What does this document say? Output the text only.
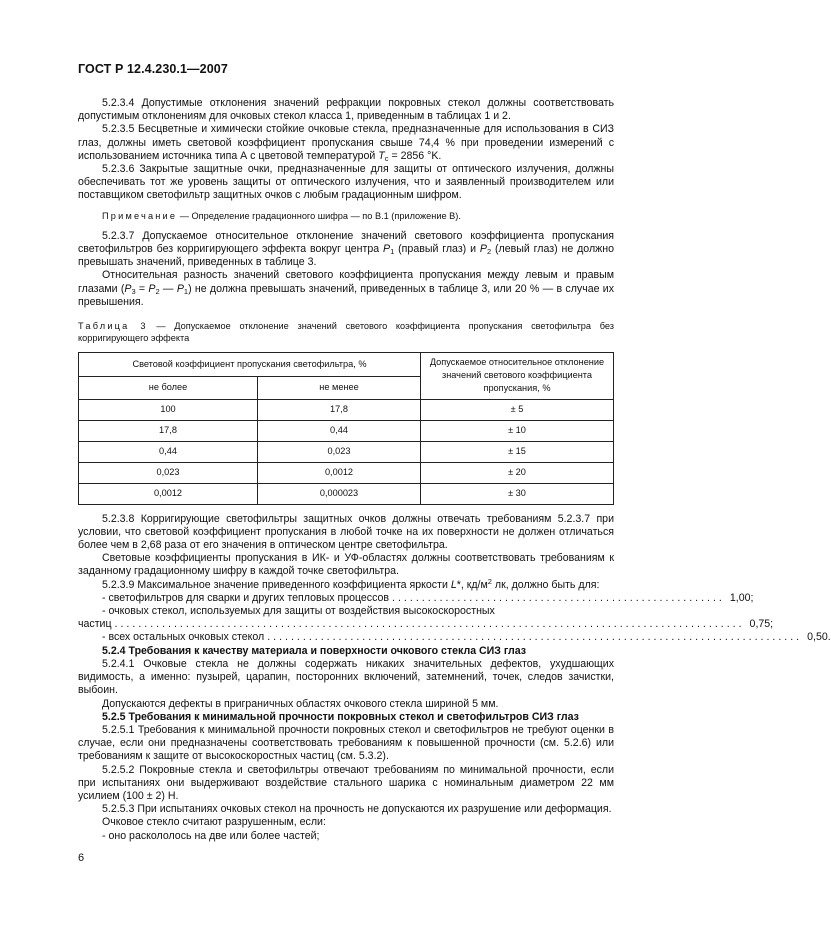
ГОСТ Р 12.4.230.1—2007

5.2.3.4 Допустимые отклонения значений рефракции покровных стекол должны соответствовать допустимым отклонениям для очковых стекол класса 1, приведенным в таблицах 1 и 2.

5.2.3.5 Бесцветные и химически стойкие очковые стекла, предназначенные для использования в СИЗ глаз, должны иметь световой коэффициент пропускания свыше 74,4 % при проведении измерений с использованием источника типа А с цветовой температурой $T_c = 2856$ °K.

5.2.3.6 Закрытые защитные очки, предназначенные для защиты от оптического излучения, должны обеспечивать тот же уровень защиты от оптического излучения, что и заявленный производителем или поставщиком светофильтр защитных очков с любым градационным шифром.

Примечание — Определение градационного шифра — по В.1 (приложение В).

5.2.3.7 Допускаемое относительное отклонение значений светового коэффициента пропускания светофильтров без корригирующего эффекта вокруг центра $P_1$ (правый глаз) и $P_2$ (левый глаз) не должно превышать значений, приведенных в таблице 3.

Относительная разность значений светового коэффициента пропускания между левым и правым глазами ($P_3 = P_2$ — $P_1$) не должна превышать значений, приведенных в таблице 3, или 20 % — в случае их превышения.

Таблица 3 — Допускаемое отклонение значений светового коэффициента пропускания светофильтра без корригирующего эффекта
Световой коэффициент пропускания светофильтра, %		Допускаемое относительное отклонение значений светового коэффициента
пропускания, %
не более	не менее	
100	17,8	± 5
17,8	0,44	± 10
0,44	0,023	± 15
0,023	0,0012	± 20
0,0012	0,000023	± 30

5.2.3.8 Корригирующие светофильтры защитных очков должны отвечать требованиям 5.2.3.7 при условии, что световой коэффициент пропускания в любой точке на их поверхности не должен отличаться более чем в 2,68 раза от его значения в оптическом центре светофильтра.

Световые коэффициенты пропускания в ИК- и УФ-областях должны соответствовать требованиям к заданному градационному шифру в каждой точке светофильтра.

5.2.3.9 Максимальное значение приведенного коэффициента яркости L*, $кд/м^2$ лк, должно быть для:

- светофильтров для сварки и других тепловых процессов ........................................................ 1,00;
- очковых стекол, используемых для защиты от воздействия высокоскоростных
частиц .......................................................................................................... 0,75;
- всех остальных очковых стекол .......................................................................................... 0,50.

5.2.4 Требования к качеству материала и поверхности очкового стекла СИЗ глаз

5.2.4.1 Очковые стекла не должны содержать никаких значительных дефектов, ухудшающих видимость, а именно: пузырей, царапин, посторонних включений, затемнений, точек, следов зачистки, выбоин.

Допускаются дефекты в приграничных областях очкового стекла шириной 5 мм.

5.2.5 Требования к минимальной прочности покровных стекол и светофильтров СИЗ глаз

5.2.5.1 Требования к минимальной прочности покровных стекол и светофильтров не требуют оценки в случае, если они предназначены соответствовать требованиям к повышенной прочности (см. 5.2.6) или требованиям к защите от высокоскоростных частиц (см. 5.3.2).

5.2.5.2 Покровные стекла и светофильтры отвечают требованиям по минимальной прочности, если при испытаниях они выдерживают воздействие стального шарика с номинальным диаметром 22 мм усилием (100 ± 2) Н.

5.2.5.3 При испытаниях очковых стекол на прочность не допускаются их разрушение или деформация.

Очковое стекло считают разрушенным, если:

- оно раскололось на две или более частей;

6
